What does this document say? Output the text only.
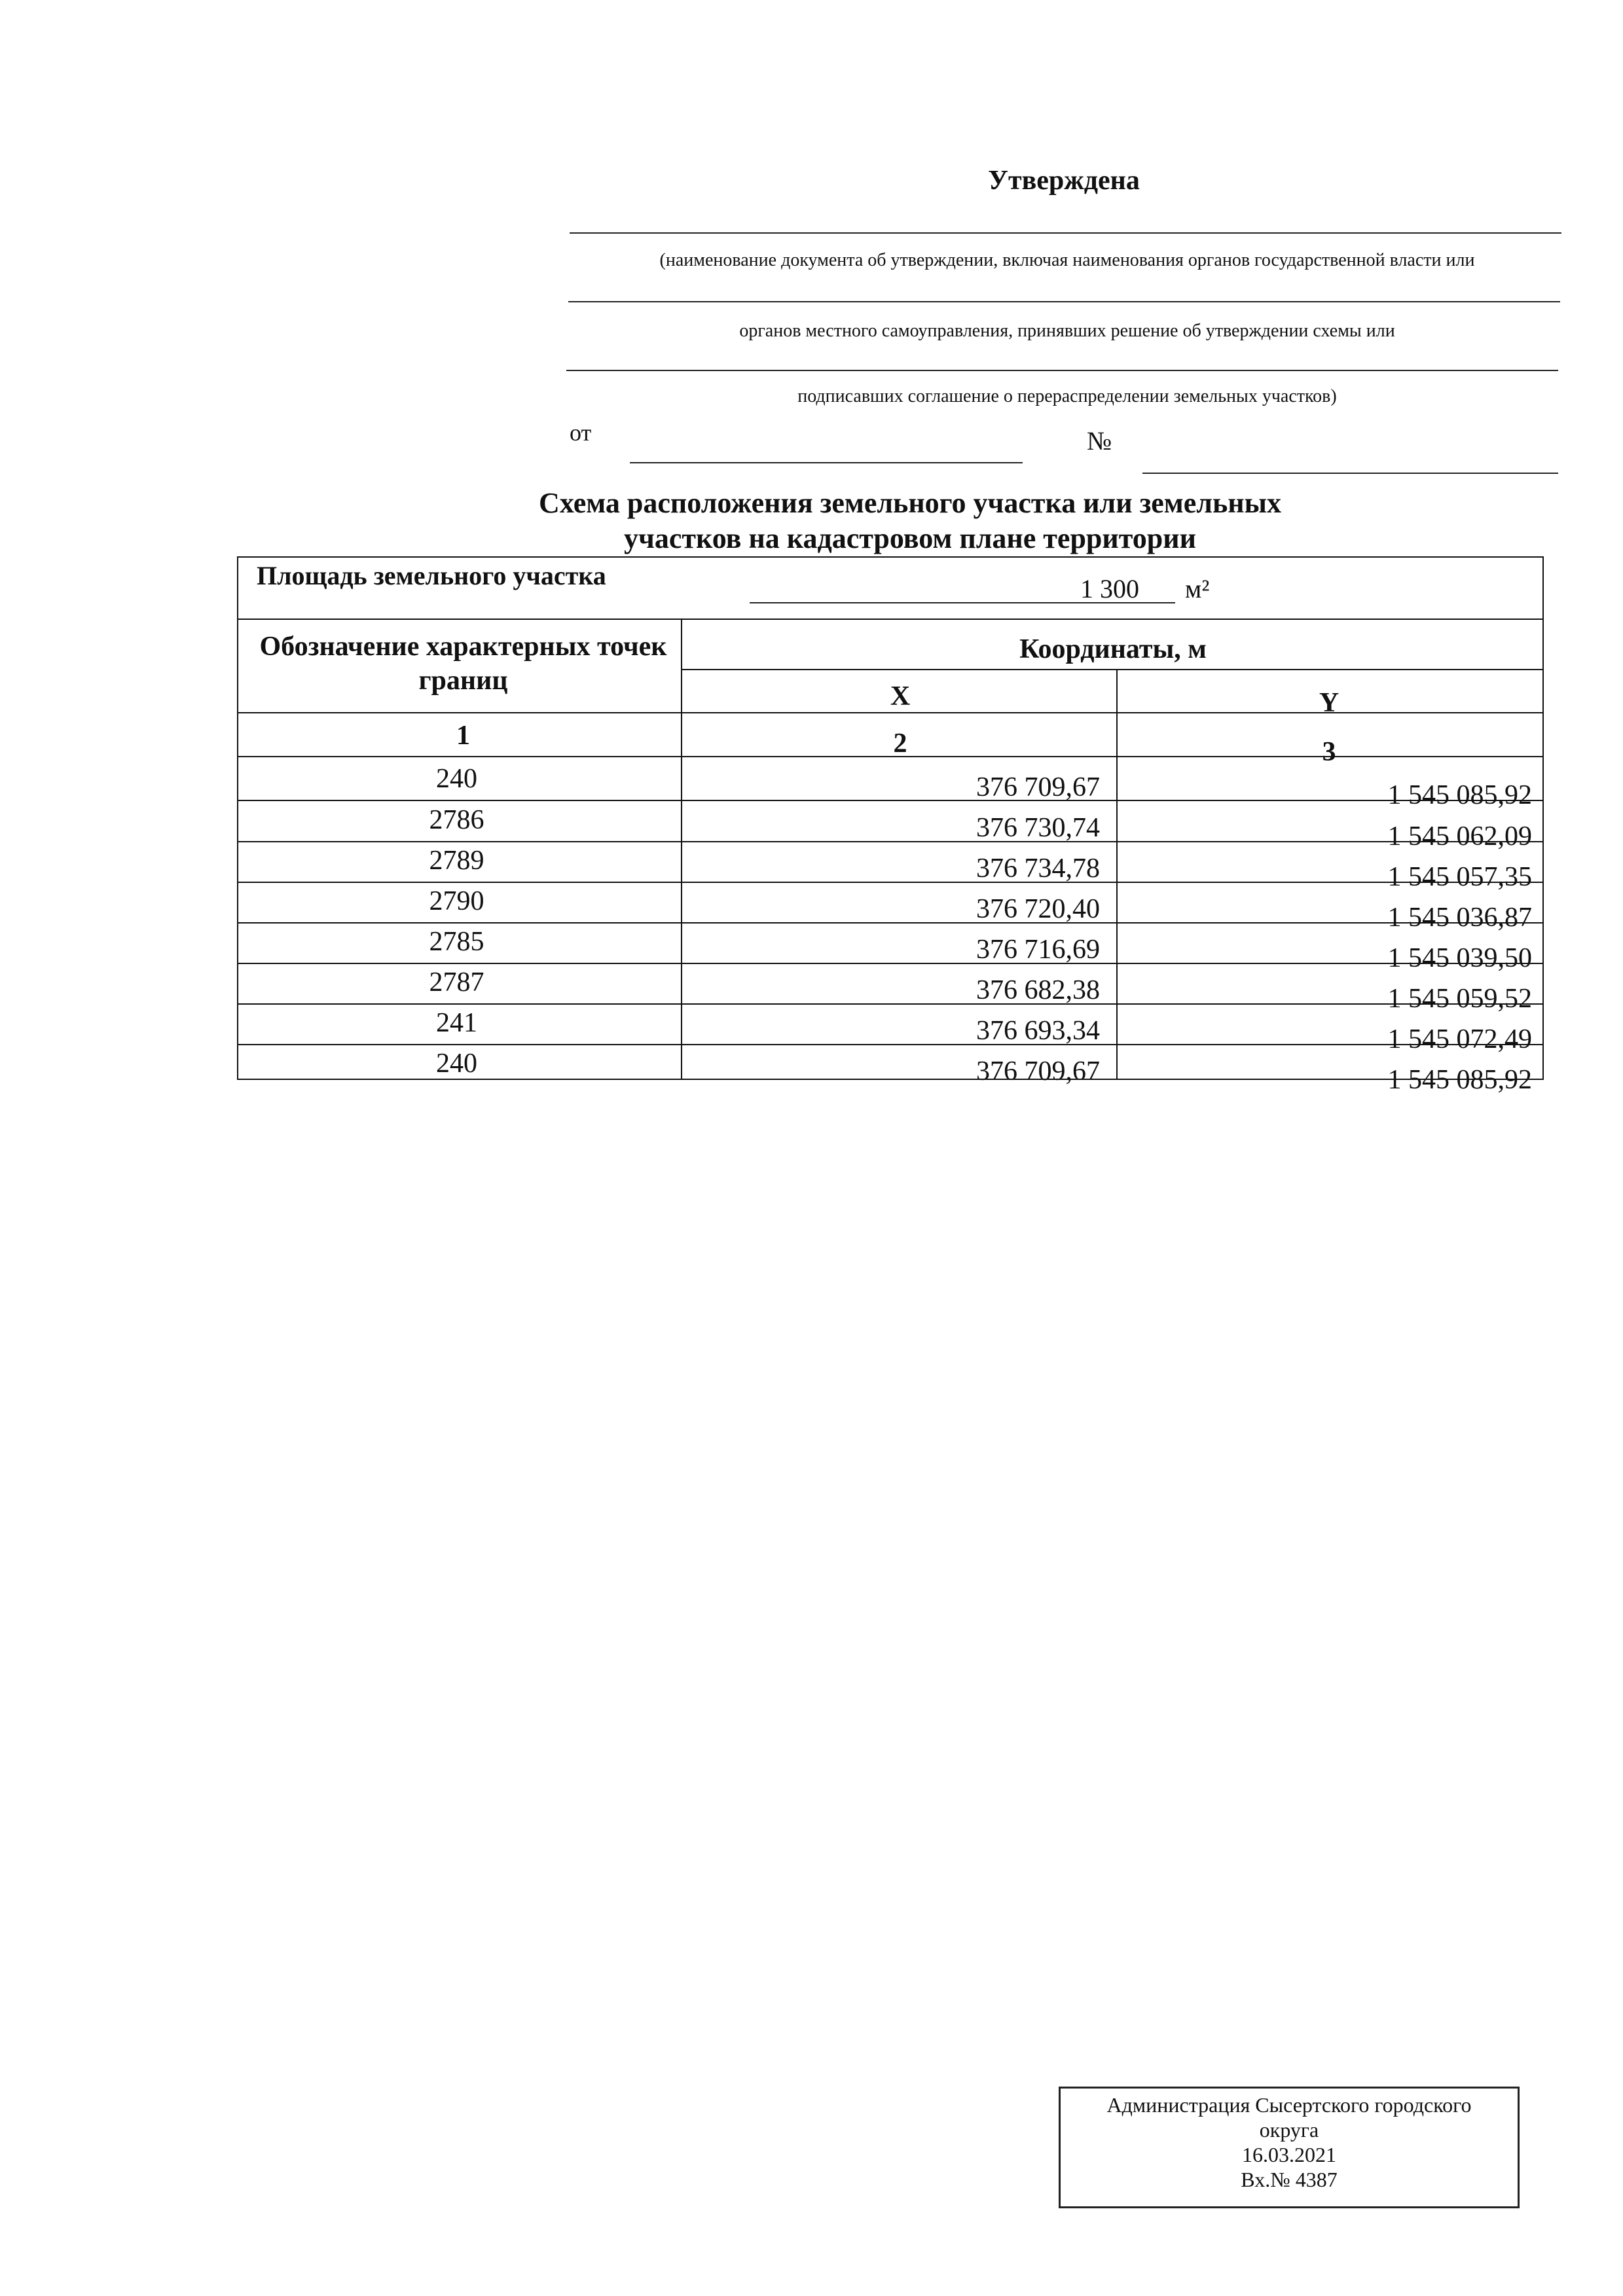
Утверждена
(наименование документа об утверждении, включая наименования органов государственной власти или
органов местного самоуправления, принявших решение об утверждении схемы или
подписавших соглашение о перераспределении земельных участков)
от	№
Схема расположения земельного участка или земельных
участков на кадастровом плане территории
Площадь земельного участка	1 300 м²
Обозначение характерных точек границ
Координаты, м
X	Y
1	2	3
240	376 709,67	1 545 085,92
2786	376 730,74	1 545 062,09
2789	376 734,78	1 545 057,35
2790	376 720,40	1 545 036,87
2785	376 716,69	1 545 039,50
2787	376 682,38	1 545 059,52
241	376 693,34	1 545 072,49
240	376 709,67	1 545 085,92
Администрация Сысертского городского
округа
16.03.2021
Вх.№ 4387
